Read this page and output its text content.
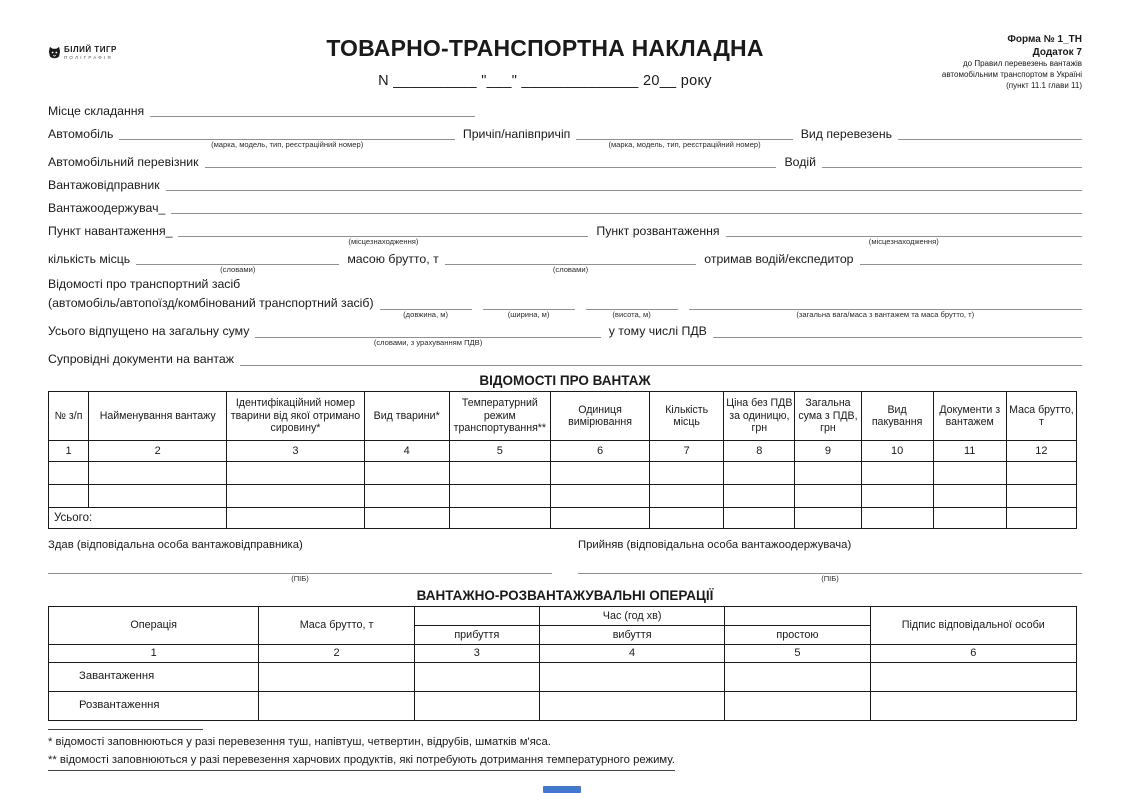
БІЛИЙ ТИГР
ПОЛІГРАФІЯ	ТОВАРНО-ТРАНСПОРТНА НАКЛАДНА
N __________ "___" ______________ 20__ року
Форма № 1_ТН
Додаток 7
до Правил перевезень вантажів
автомобільним транспортом в Україні
(пункт 11.1 глави 11)
Місце складання
Автомобіль
(марка, модель, тип, реєстраційний номер)
Причіп/напівпричіп
(марка, модель, тип, реєстраційний номер)
Вид перевезень
Автомобільний перевізник	Водій
Вантажовідправник
Вантажоодержувач_
Пункт навантаження_
(місцезнаходження)
Пункт розвантаження
(місцезнаходження)
кількість місць
(словами)
масою брутто, т
(словами)
отримав водій/експедитор
Відомості про транспортний засіб
(автомобіль/автопоїзд/комбінований транспортний засіб)
(довжина, м)	(ширина, м)	(висота, м)	(загальна вага/маса з вантажем та маса брутто, т)
Усього відпущено на загальну суму
(словами, з урахуванням ПДВ)
у тому числі ПДВ
Супровідні документи на вантаж
ВІДОМОСТІ ПРО ВАНТАЖ
№ з/п	Найменування вантажу	Ідентифікаційний номер тварини від якої отримано сировину*	Вид тварини*	Температурний режим транспортування**	Одиниця вимірювання	Кількість місць	Ціна без ПДВ за одиницю, грн	Загальна сума з ПДВ, грн	Вид пакування	Документи з вантажем	Маса брутто, т
1	2	3	4	5	6	7	8	9	10	11	12

Усього:											
Здав (відповідальна особа вантажовідправника)
(ПІБ)
Прийняв (відповідальна особа вантажоодержувача)
(ПІБ)
ВАНТАЖНО-РОЗВАНТАЖУВАЛЬНІ ОПЕРАЦІЇ
Операція	Маса брутто, т		Час (год хв)		Підпис відповідальної особи
		прибуття	вибуття	простою	
1	2	3	4	5	6
Завантаження					
Розвантаження					
* відомості заповнюються у разі перевезення туш, напівтуш, четвертин, відрубів, шматків м'яса.
** відомості заповнюються у разі перевезення харчових продуктів, які потребують дотримання температурного режиму.
